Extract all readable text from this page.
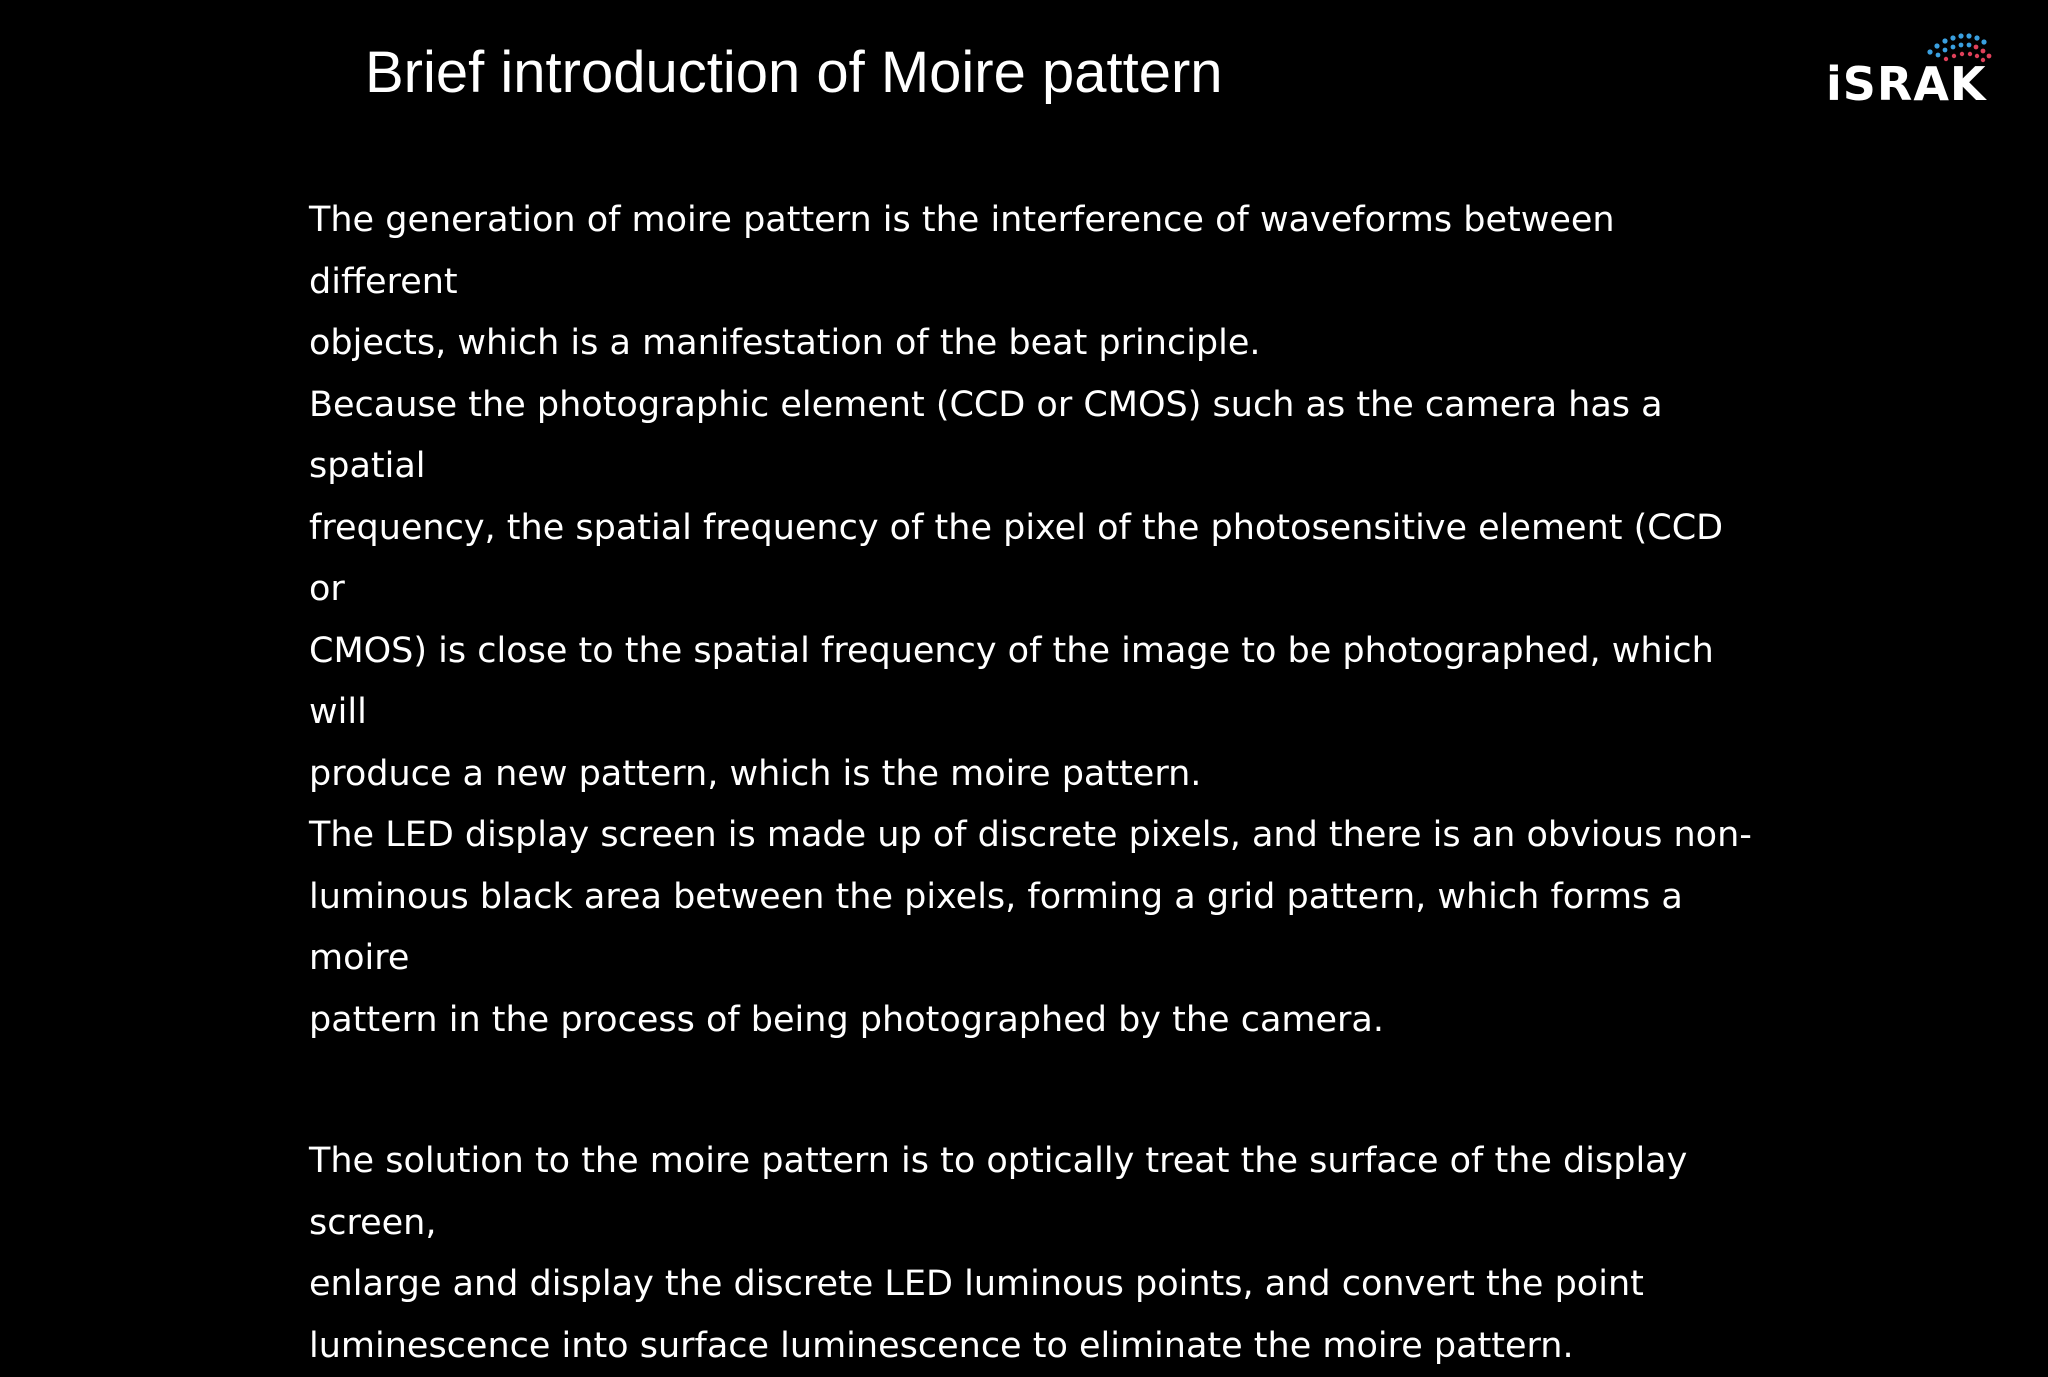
Brief introduction of Moire pattern	iSRAK

The generation of moire pattern is the interference of waveforms between different
objects, which is a manifestation of the beat principle.
Because the photographic element (CCD or CMOS) such as the camera has a spatial
frequency, the spatial frequency of the pixel of the photosensitive element (CCD or
CMOS) is close to the spatial frequency of the image to be photographed, which will
produce a new pattern, which is the moire pattern.
The LED display screen is made up of discrete pixels, and there is an obvious non-
luminous black area between the pixels, forming a grid pattern, which forms a moire
pattern in the process of being photographed by the camera.

The solution to the moire pattern is to optically treat the surface of the display screen,
enlarge and display the discrete LED luminous points, and convert the point
luminescence into surface luminescence to eliminate the moire pattern.
